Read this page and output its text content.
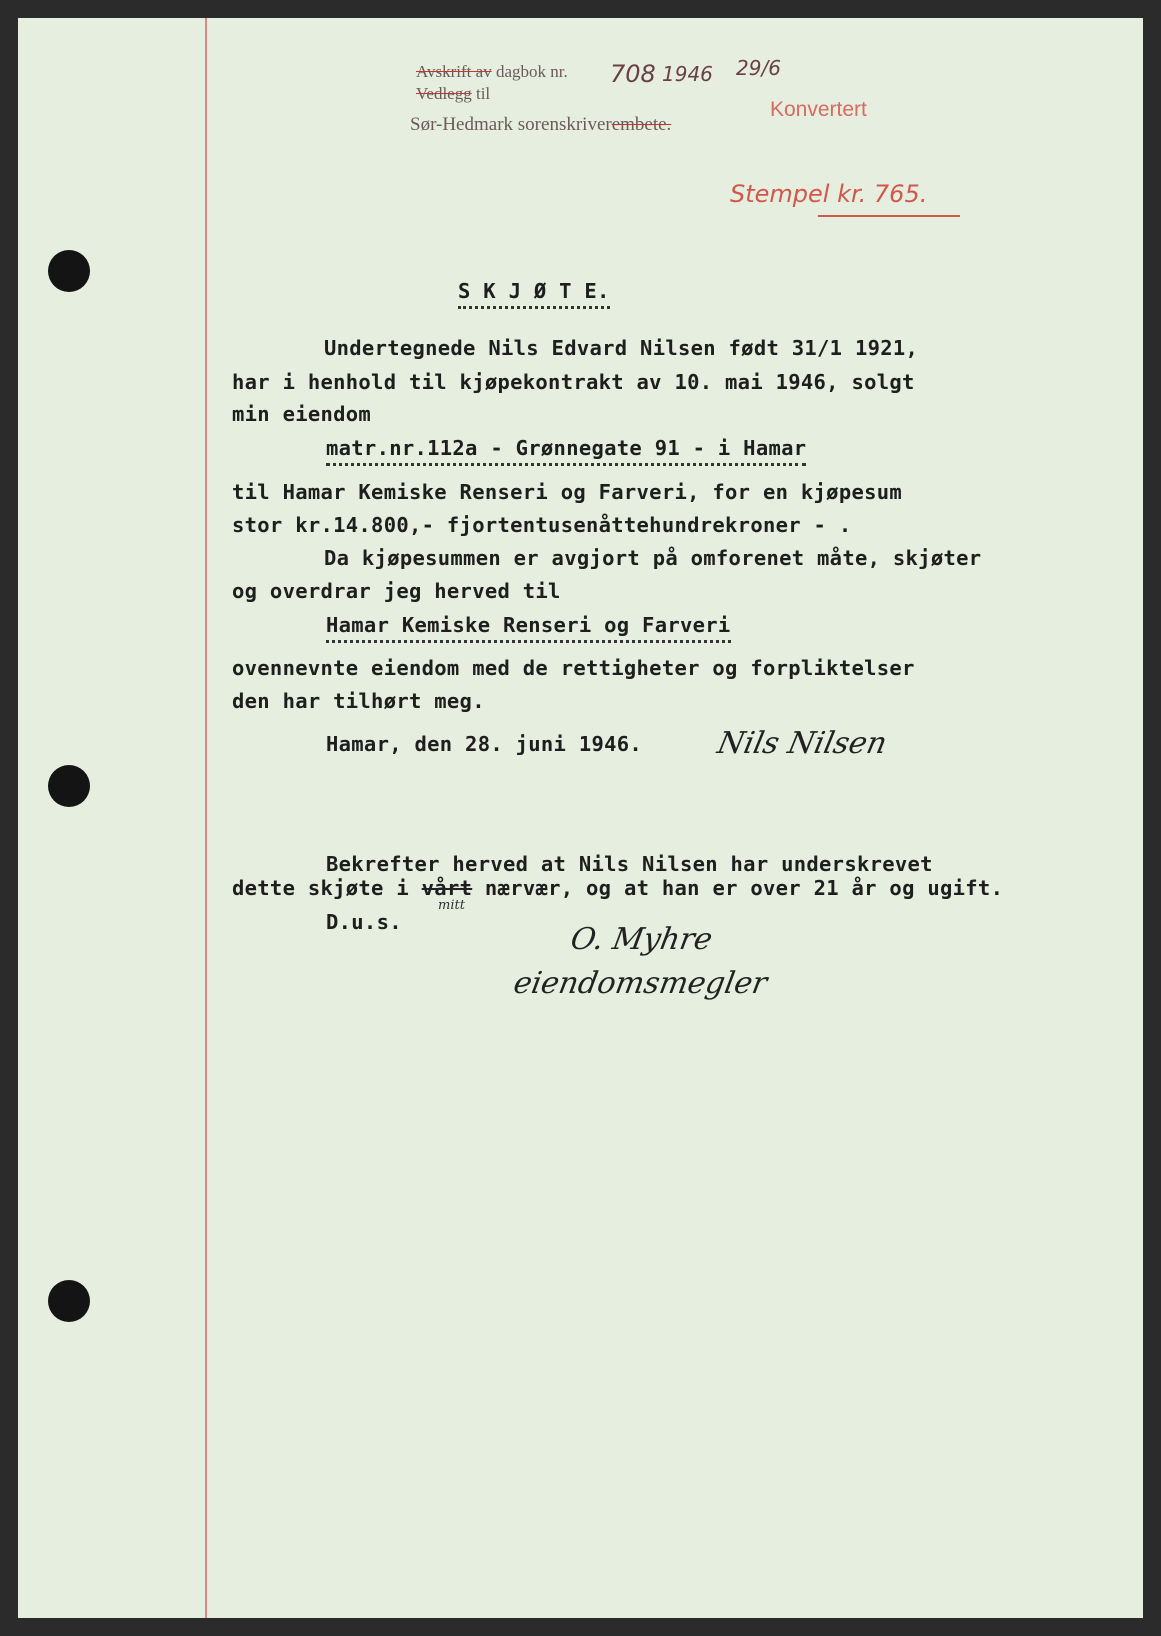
Avskrift av dagbok nr.
Vedlegg til
Sør-Hedmark sorenskriverembete.
708 1946 29/6
Konvertert
Stempel kr. 765.
S K J Ø T E.
Undertegnede Nils Edvard Nilsen født 31/1 1921,
har i henhold til kjøpekontrakt av 10. mai 1946, solgt
min eiendom
matr.nr.112a - Grønnegate 91 - i Hamar
til Hamar Kemiske Renseri og Farveri, for en kjøpesum
stor kr.14.800,- fjortentusenåttehundrekroner - .
Da kjøpesummen er avgjort på omforenet måte, skjøter
og overdrar jeg herved til
Hamar Kemiske Renseri og Farveri
ovennevnte eiendom med de rettigheter og forpliktelser
den har tilhørt meg.
Hamar, den 28. juni 1946. Nils Nilsen
Bekrefter herved at Nils Nilsen har underskrevet
mitt
dette skjøte i vårt nærvær, og at han er over 21 år og ugift.
D.u.s.	O. Myhre
eiendomsmegler
